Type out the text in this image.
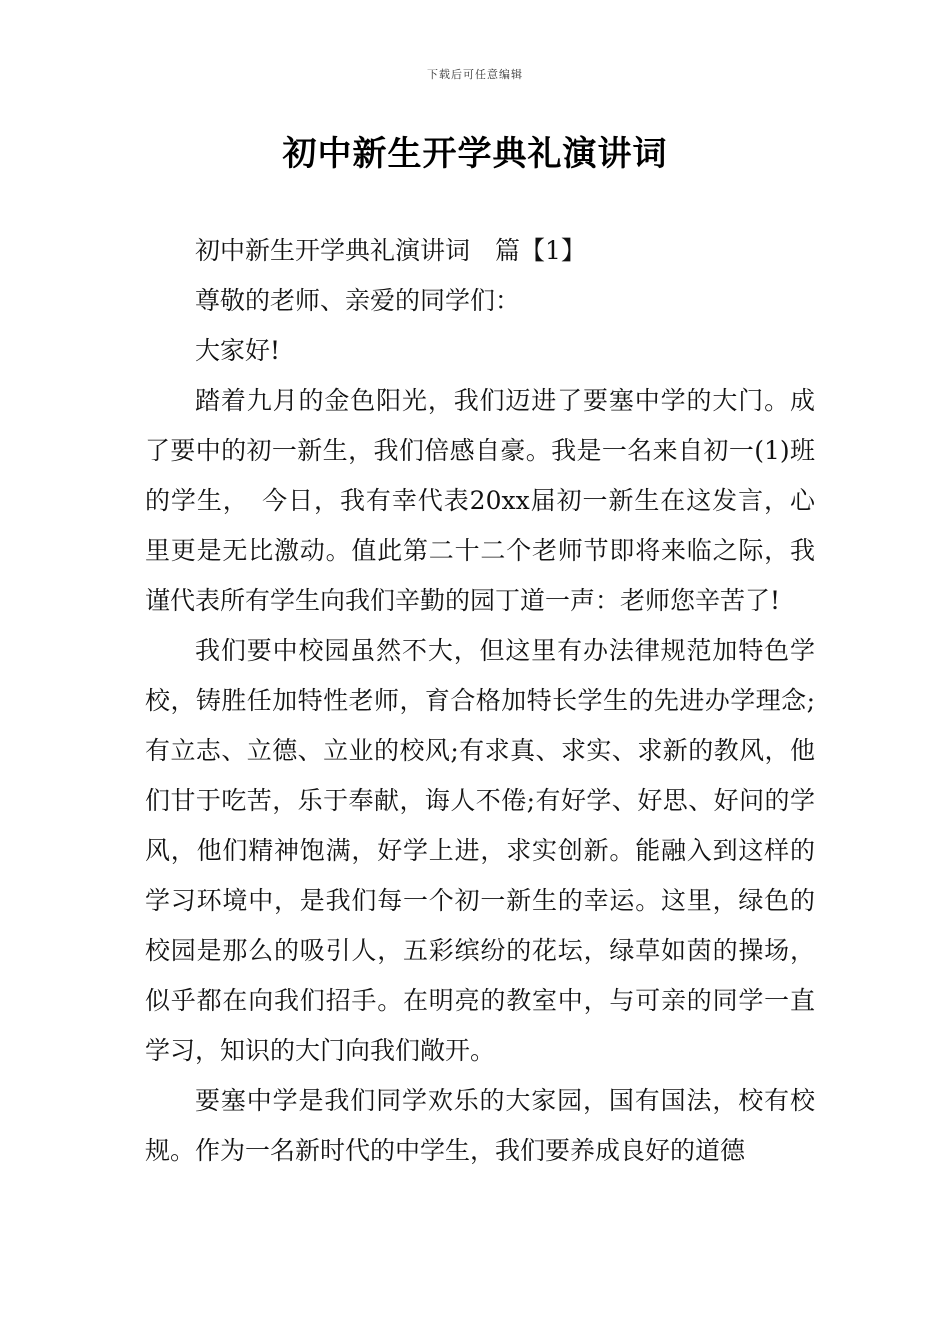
下载后可任意编辑
初中新生开学典礼演讲词

初中新生开学典礼演讲词　篇【1】

尊敬的老师、亲爱的同学们：

大家好!

踏着九月的金色阳光，我们迈进了要塞中学的大门。成了要中的初一新生，我们倍感自豪。我是一名来自初一(1)班的学生，　今日，我有幸代表20xx届初一新生在这发言，心里更是无比激动。值此第二十二个老师节即将来临之际，我谨代表所有学生向我们辛勤的园丁道一声：老师您辛苦了!

我们要中校园虽然不大，但这里有办法律规范加特色学校，铸胜任加特性老师，育合格加特长学生的先进办学理念;有立志、立德、立业的校风;有求真、求实、求新的教风，他们甘于吃苦，乐于奉献，诲人不倦;有好学、好思、好问的学风，他们精神饱满，好学上进，求实创新。能融入到这样的学习环境中，是我们每一个初一新生的幸运。这里，绿色的校园是那么的吸引人，五彩缤纷的花坛，绿草如茵的操场，似乎都在向我们招手。在明亮的教室中，与可亲的同学一直学习，知识的大门向我们敞开。

要塞中学是我们同学欢乐的大家园，国有国法，校有校规。作为一名新时代的中学生，我们要养成良好的道德
